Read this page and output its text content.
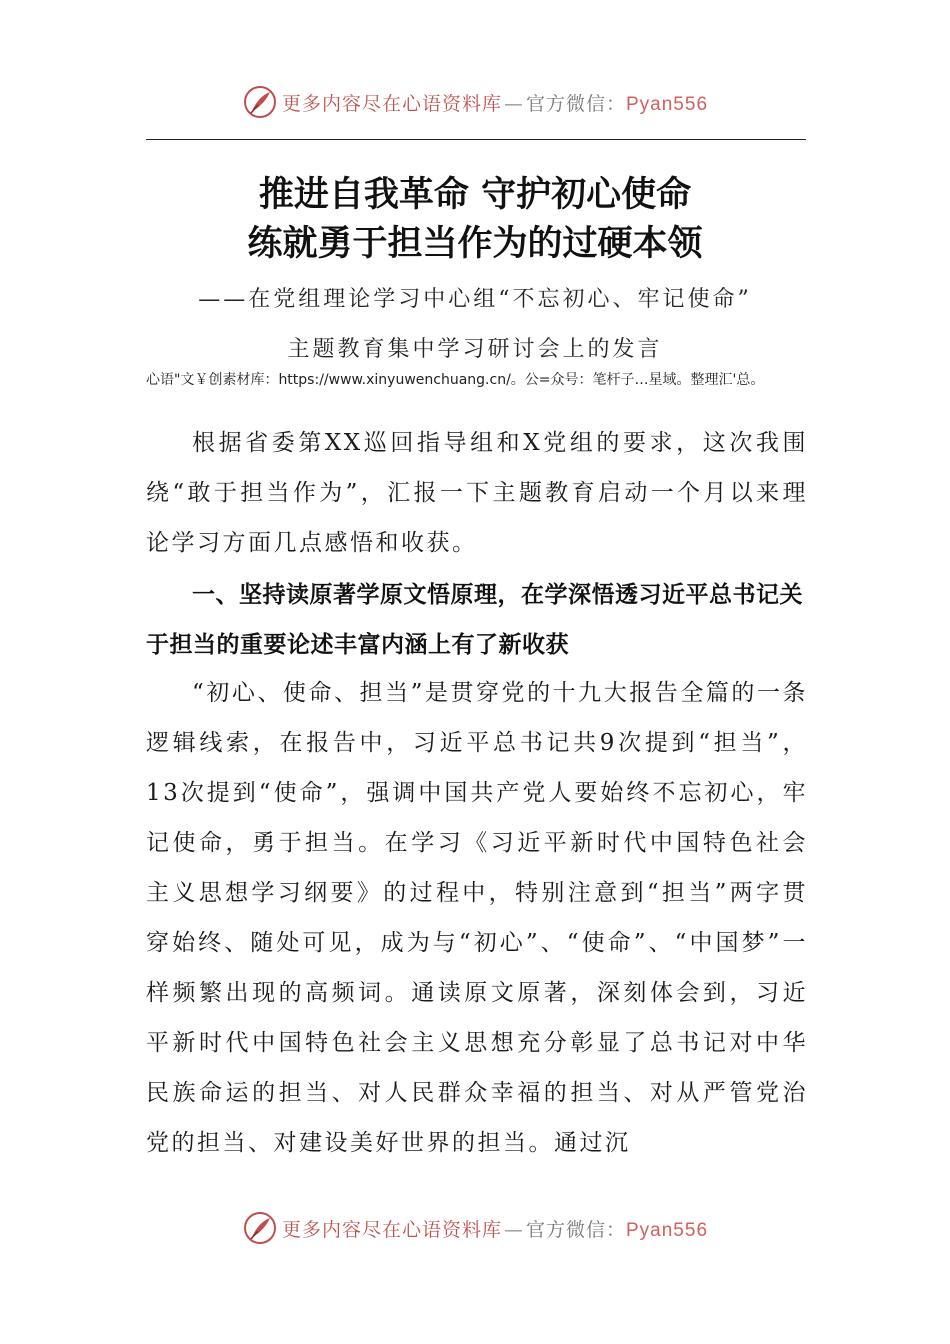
更多内容尽在心语资料库 — 官方微信：Pyan556
推进自我革命 守护初心使命
练就勇于担当作为的过硬本领
——在党组理论学习中心组“不忘初心、牢记使命”
主题教育集中学习研讨会上的发言
心语"文￥创素材库：https://www.xinyuwenchuang.cn/。公=众号：笔杆子…星域。整理汇'总。
根据省委第XX巡回指导组和X党组的要求，这次我围绕“敢于担当作为”，汇报一下主题教育启动一个月以来理论学习方面几点感悟和收获。
一、坚持读原著学原文悟原理，在学深悟透习近平总书记关于担当的重要论述丰富内涵上有了新收获
“初心、使命、担当”是贯穿党的十九大报告全篇的一条逻辑线索，在报告中，习近平总书记共9次提到“担当”，13次提到“使命”，强调中国共产党人要始终不忘初心，牢记使命，勇于担当。在学习《习近平新时代中国特色社会主义思想学习纲要》的过程中，特别注意到“担当”两字贯穿始终、随处可见，成为与“初心”、“使命”、“中国梦”一样频繁出现的高频词。通读原文原著，深刻体会到，习近平新时代中国特色社会主义思想充分彰显了总书记对中华民族命运的担当、对人民群众幸福的担当、对从严管党治党的担当、对建设美好世界的担当。通过沉
更多内容尽在心语资料库 — 官方微信：Pyan556
